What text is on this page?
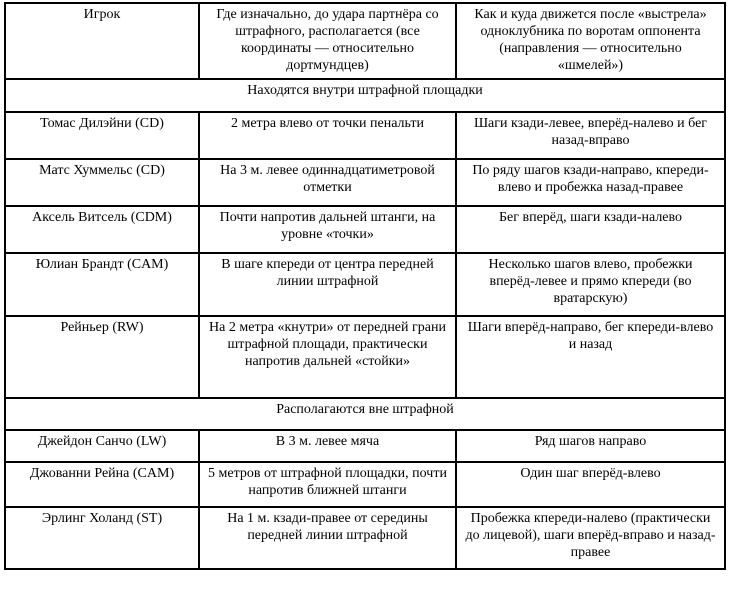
Игрок	Где изначально, до удара партнёра со штрафного, располагается (все координаты — относительно дортмундцев)	Как и куда движется после «выстрела» одноклубника по воротам оппонента (направления — относительно «шмелей»)
Находятся внутри штрафной площадки		
Томас Дилэйни (CD)	2 метра влево от точки пенальти	Шаги кзади-левее, вперёд-налево и бег назад-вправо
Матс Хуммельс (CD)	На 3 м. левее одиннадцатиметровой отметки	По ряду шагов кзади-направо, кпереди-влево и пробежка назад-правее
Аксель Витсель (CDM)	Почти напротив дальней штанги, на уровне «точки»	Бег вперёд, шаги кзади-налево
Юлиан Брандт (CAM)	В шаге кпереди от центра передней линии штрафной	Несколько шагов влево, пробежки вперёд-левее и прямо кпереди (во вратарскую)
Рейньер (RW)	На 2 метра «кнутри» от передней грани штрафной площади, практически напротив дальней «стойки»	Шаги вперёд-направо, бег кпереди-влево и назад
Располагаются вне штрафной		
Джейдон Санчо (LW)	В 3 м. левее мяча	Ряд шагов направо
Джованни Рейна (CAM)	5 метров от штрафной площадки, почти напротив ближней штанги	Один шаг вперёд-влево
Эрлинг Холанд (ST)	На 1 м. кзади-правее от середины передней линии штрафной	Пробежка кпереди-налево (практически до лицевой), шаги вперёд-вправо и назад-правее
